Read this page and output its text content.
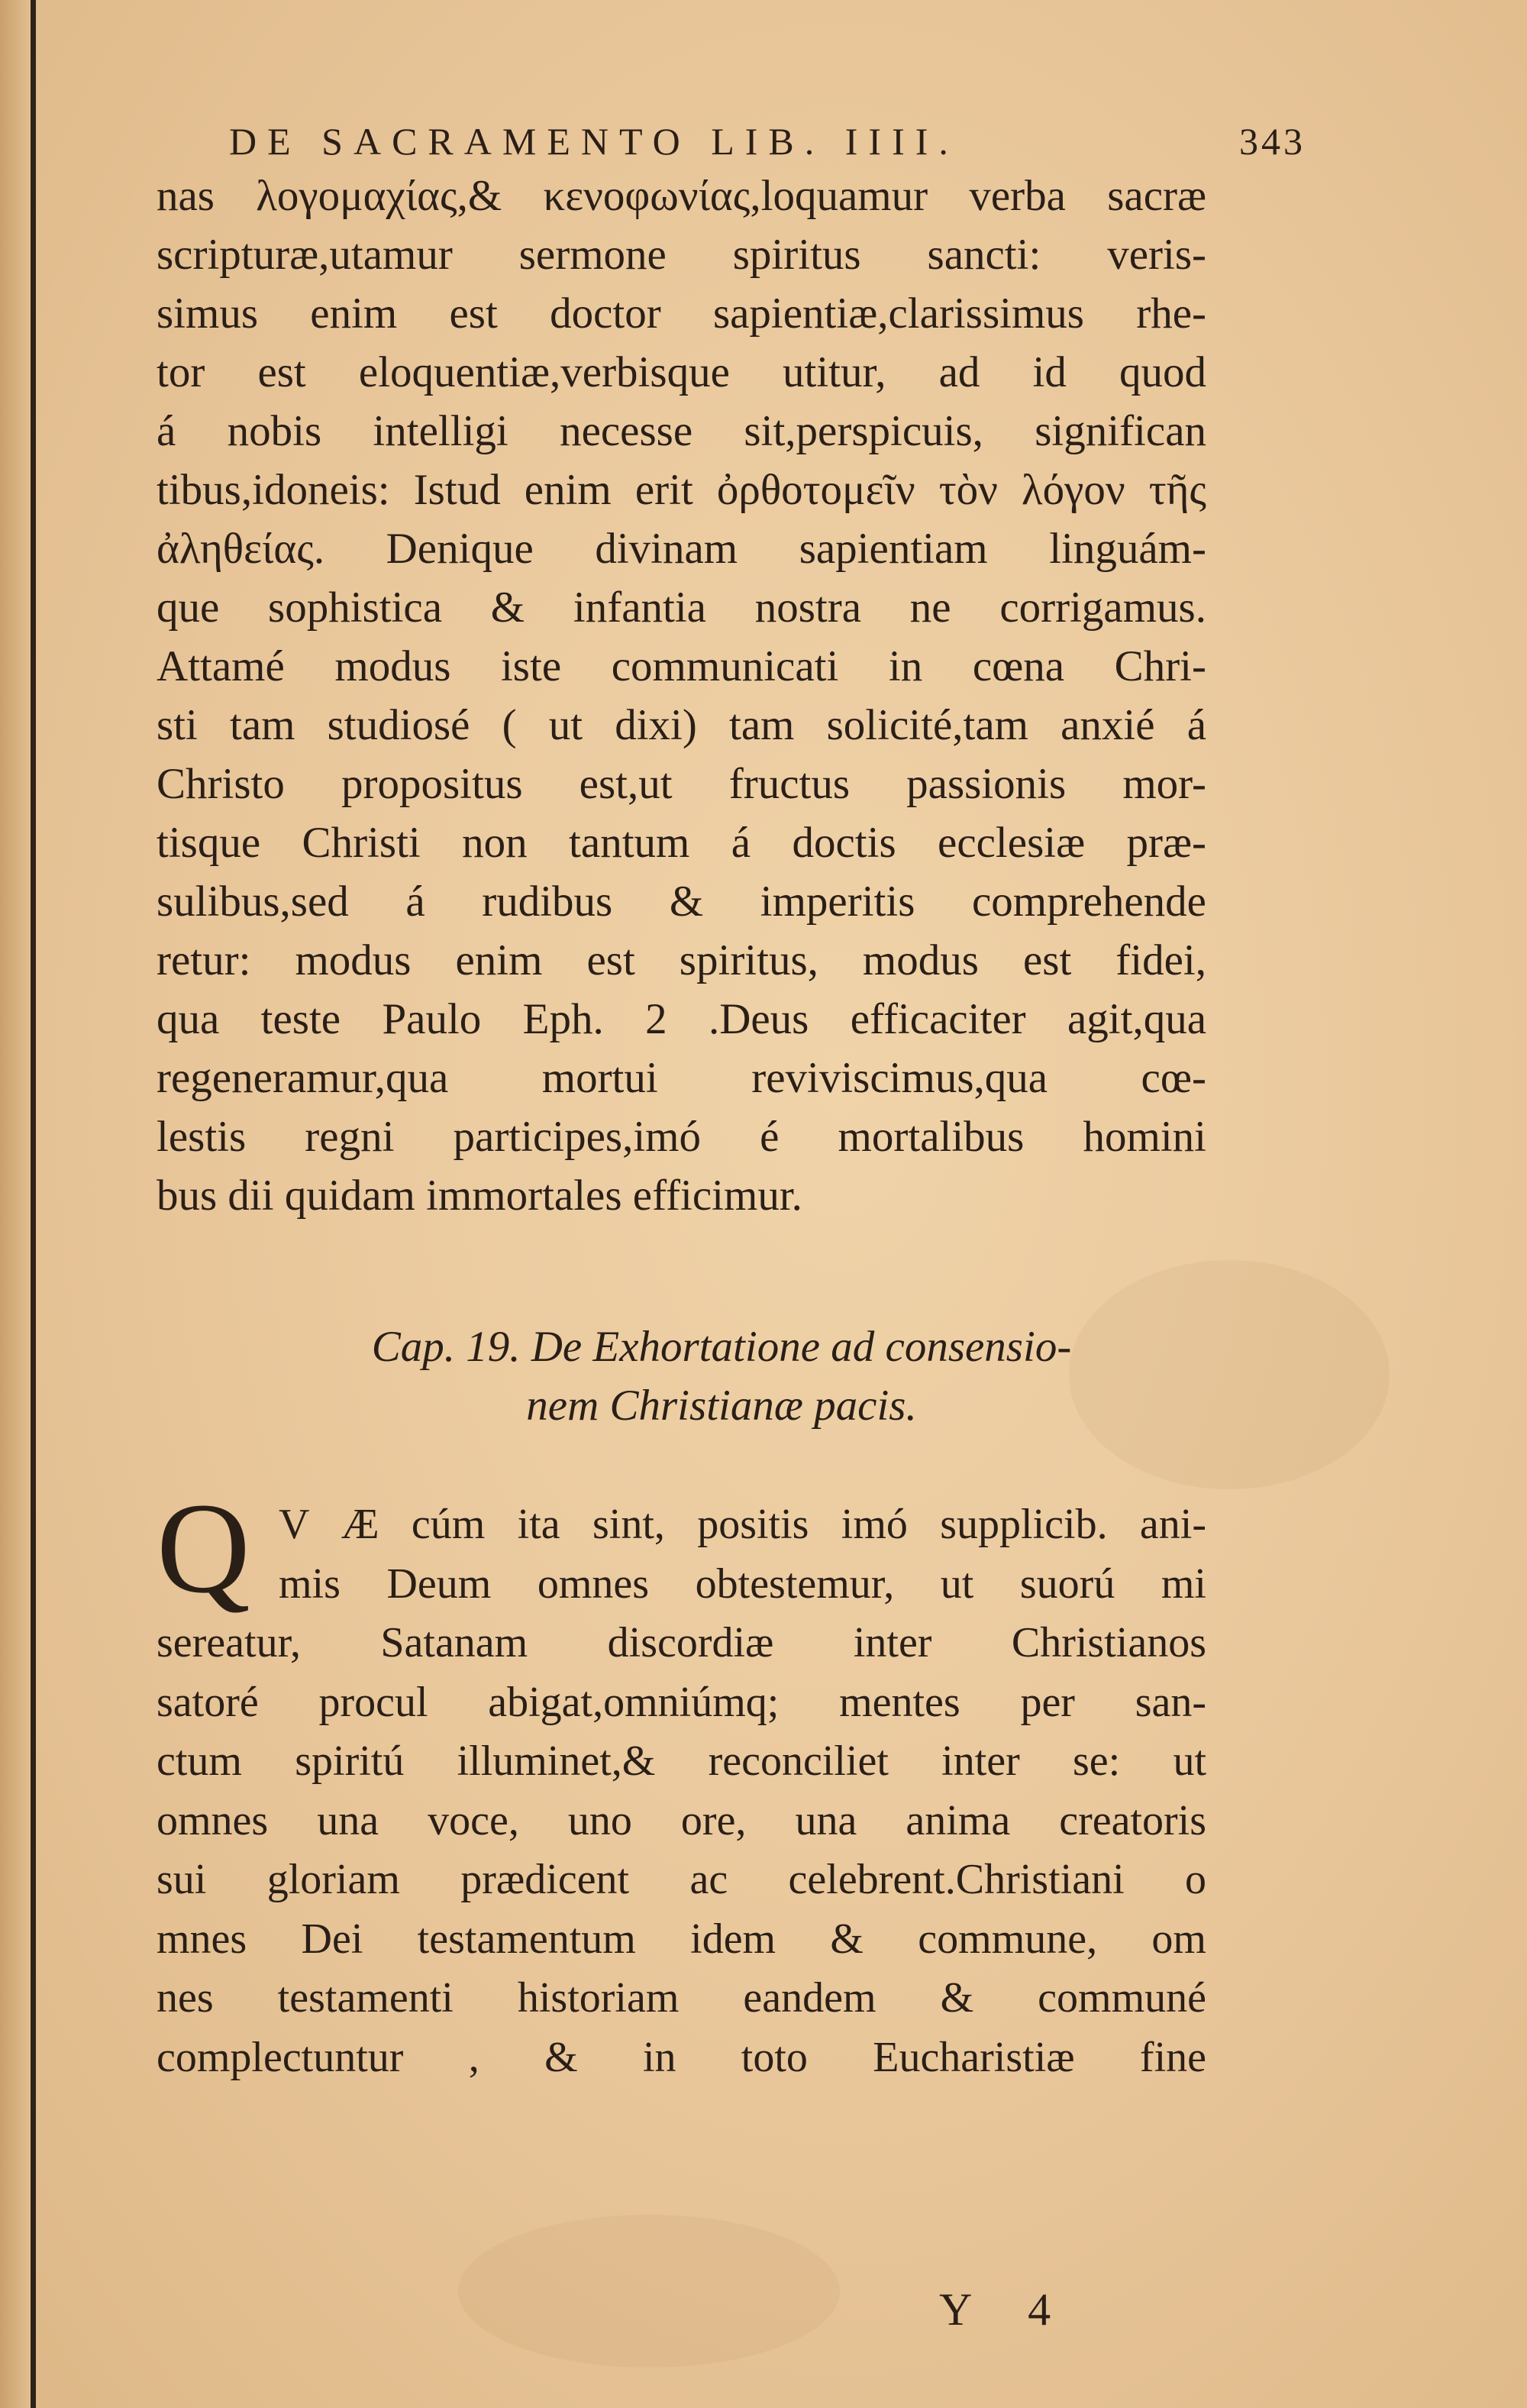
DE SACRAMENTO LIB. IIII.	343
nas λογομαχίας,& κενοφωνίας,loquamur verba sacræ
scripturæ,utamur sermone spiritus sancti: veris-
simus enim est doctor sapientiæ,clarissimus rhe-
tor est eloquentiæ,verbisque utitur, ad id quod
á nobis intelligi necesse sit,perspicuis, significan
tibus,idoneis: Istud enim erit ὀρθοτομεῖν τὸν λόγον τῆς
ἀληθείας. Denique divinam sapientiam linguám-
que sophistica & infantia nostra ne corrigamus.
Attamé modus iste communicati in cœna Chri-
sti tam studiosé ( ut dixi) tam solicité,tam anxié á
Christo propositus est,ut fructus passionis mor-
tisque Christi non tantum á doctis ecclesiæ præ-
sulibus,sed á rudibus & imperitis comprehende
retur: modus enim est spiritus, modus est fidei,
qua teste Paulo Eph. 2 .Deus efficaciter agit,qua
regeneramur,qua mortui reviviscimus,qua cœ-
lestis regni participes,imó é mortalibus homini
bus dii quidam immortales efficimur.
Cap. 19. De Exhortatione ad consensio-
nem Christianæ pacis.
Q V Æ cúm ita sint, positis imó supplicib. ani-
mis Deum omnes obtestemur, ut suorú mi
sereatur, Satanam discordiæ inter Christianos
satoré procul abigat,omniúmq; mentes per san-
ctum spiritú illuminet,& reconciliet inter se: ut
omnes una voce, uno ore, una anima creatoris
sui gloriam prædicent ac celebrent.Christiani o
mnes Dei testamentum idem & commune, om
nes testamenti historiam eandem & communé
complectuntur , & in toto Eucharistiæ fine
Y 4
